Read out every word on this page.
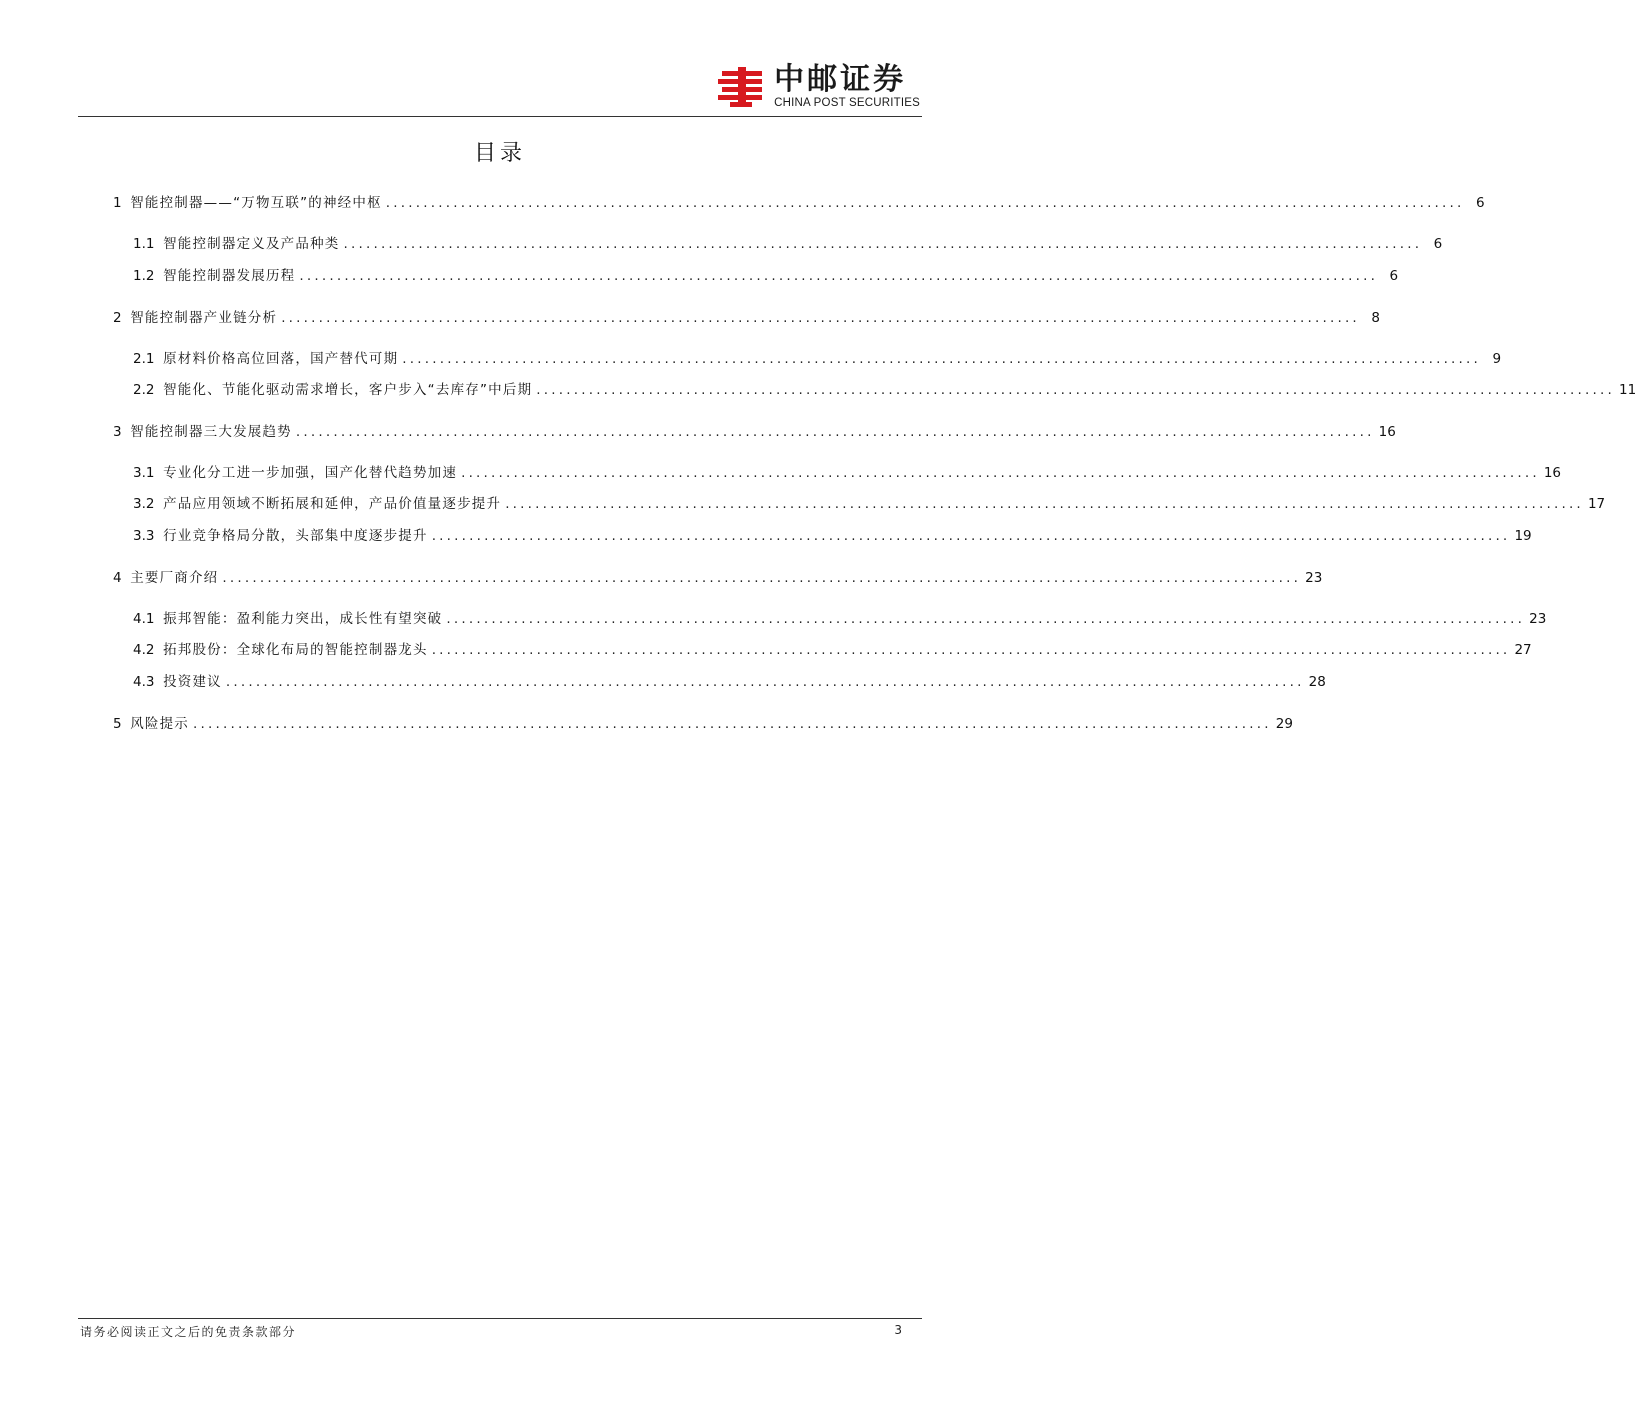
中邮证券
CHINA POST SECURITIES
目录
1
智能控制器——“万物互联”的神经中枢 ................................................................................................................................................ 6
1.1
智能控制器定义及产品种类 ................................................................................................................................................ 6
1.2
智能控制器发展历程 ................................................................................................................................................ 6
2
智能控制器产业链分析 ................................................................................................................................................ 8
2.1
原材料价格高位回落，国产替代可期 ................................................................................................................................................ 9
2.2
智能化、节能化驱动需求增长，客户步入“去库存”中后期 ................................................................................................................................................ 11
3
智能控制器三大发展趋势 ................................................................................................................................................ 16
3.1
专业化分工进一步加强，国产化替代趋势加速 ................................................................................................................................................ 16
3.2
产品应用领域不断拓展和延伸，产品价值量逐步提升 ................................................................................................................................................ 17
3.3
行业竞争格局分散，头部集中度逐步提升 ................................................................................................................................................ 19
4
主要厂商介绍 ................................................................................................................................................ 23
4.1
振邦智能：盈利能力突出，成长性有望突破 ................................................................................................................................................ 23
4.2
拓邦股份：全球化布局的智能控制器龙头 ................................................................................................................................................ 27
4.3
投资建议 ................................................................................................................................................ 28
5
风险提示 ................................................................................................................................................ 29
请务必阅读正文之后的免责条款部分	3
